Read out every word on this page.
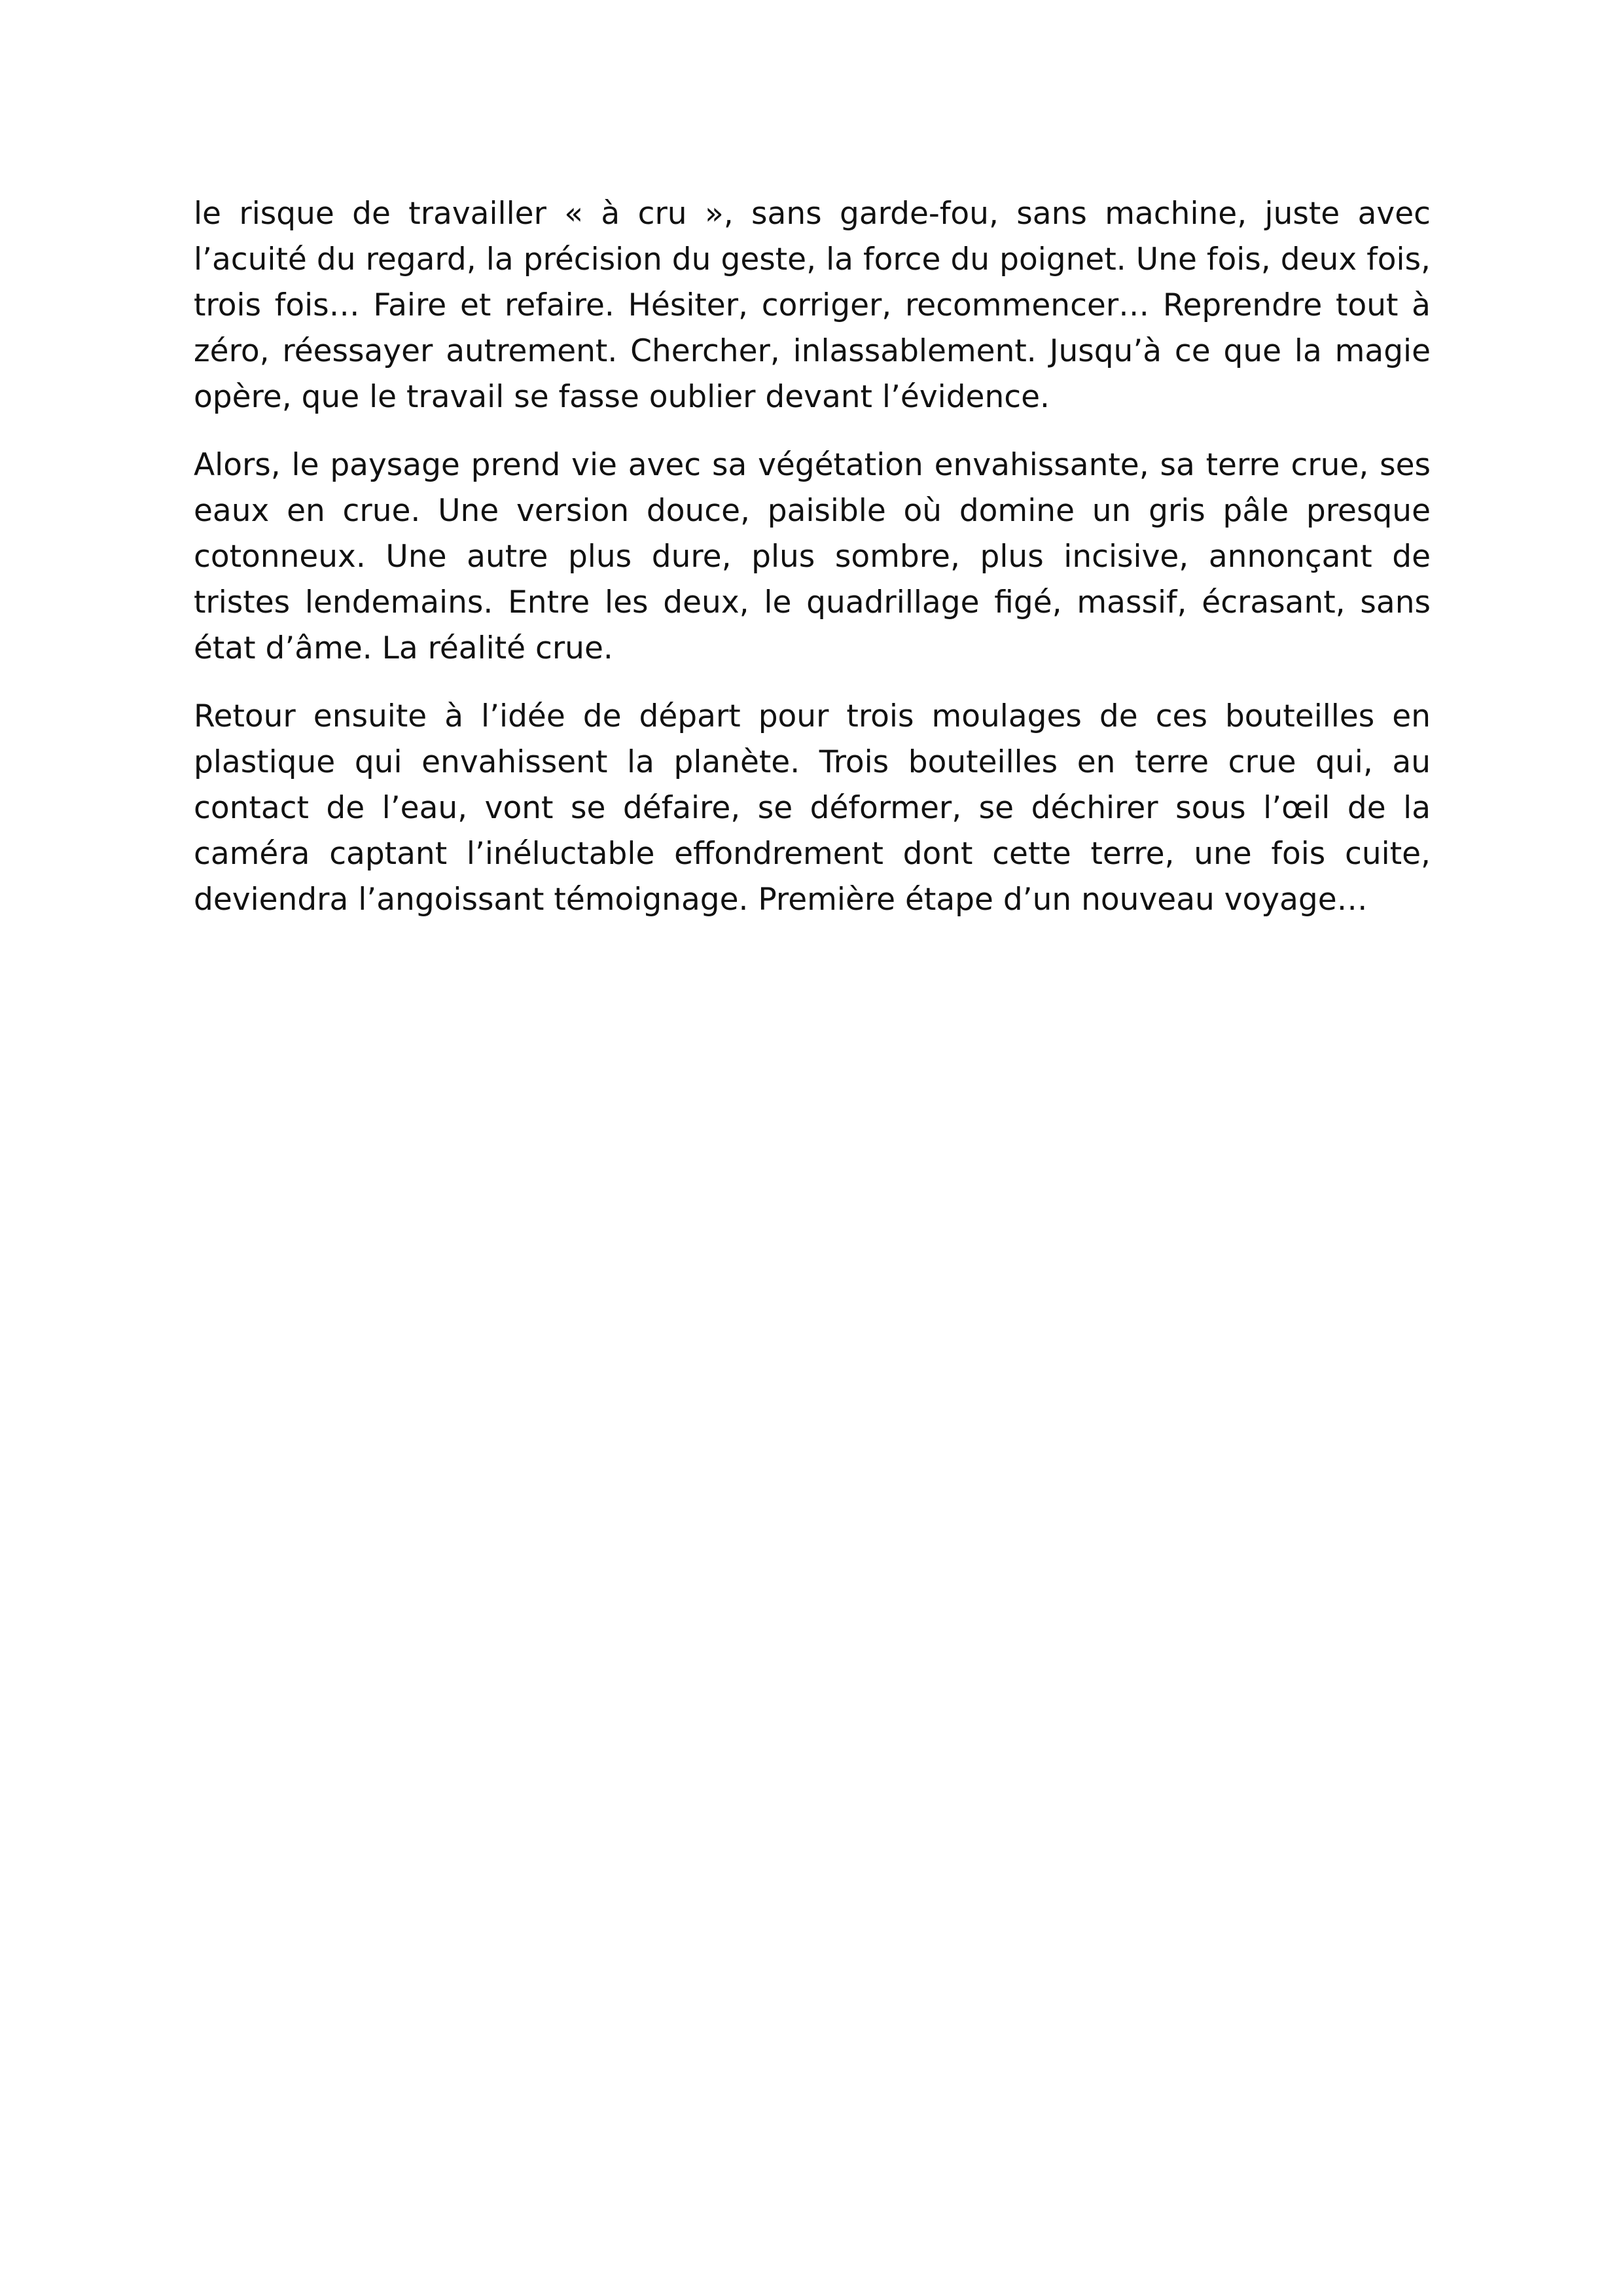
le risque de travailler « à cru », sans garde-fou, sans machine, juste avec l’acuité du regard, la précision du geste, la force du poignet. Une fois, deux fois, trois fois… Faire et refaire. Hésiter, corriger, recommencer… Reprendre tout à zéro, réessayer autrement. Chercher, inlassablement. Jusqu’à ce que la magie opère, que le travail se fasse oublier devant l’évidence.

Alors, le paysage prend vie avec sa végétation envahissante, sa terre crue, ses eaux en crue. Une version douce, paisible où domine un gris pâle presque cotonneux. Une autre plus dure, plus sombre, plus incisive, annonçant de tristes lendemains. Entre les deux, le quadrillage figé, massif, écrasant, sans état d’âme. La réalité crue.

Retour ensuite à l’idée de départ pour trois moulages de ces bouteilles en plastique qui envahissent la planète. Trois bouteilles en terre crue qui, au contact de l’eau, vont se défaire, se déformer, se déchirer sous l’œil de la caméra captant l’inéluctable effondrement dont cette terre, une fois cuite, deviendra l’angoissant témoignage. Première étape d’un nouveau voyage…
